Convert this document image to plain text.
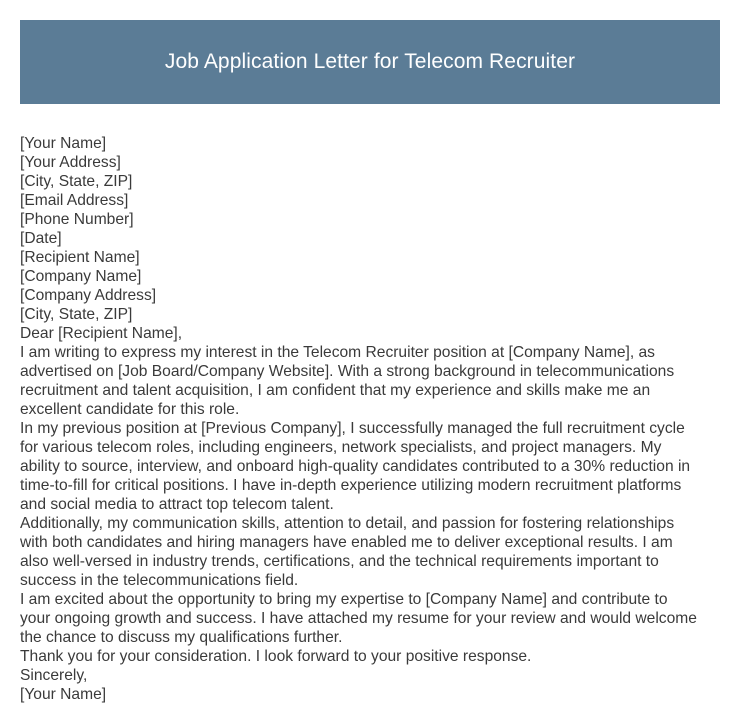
Job Application Letter for Telecom Recruiter
[Your Name]
[Your Address]
[City, State, ZIP]
[Email Address]
[Phone Number]
[Date]
[Recipient Name]
[Company Name]
[Company Address]
[City, State, ZIP]
Dear [Recipient Name],
I am writing to express my interest in the Telecom Recruiter position at [Company Name], as
advertised on [Job Board/Company Website]. With a strong background in telecommunications
recruitment and talent acquisition, I am confident that my experience and skills make me an
excellent candidate for this role.
In my previous position at [Previous Company], I successfully managed the full recruitment cycle
for various telecom roles, including engineers, network specialists, and project managers. My
ability to source, interview, and onboard high-quality candidates contributed to a 30% reduction in
time-to-fill for critical positions. I have in-depth experience utilizing modern recruitment platforms
and social media to attract top telecom talent.
Additionally, my communication skills, attention to detail, and passion for fostering relationships
with both candidates and hiring managers have enabled me to deliver exceptional results. I am
also well-versed in industry trends, certifications, and the technical requirements important to
success in the telecommunications field.
I am excited about the opportunity to bring my expertise to [Company Name] and contribute to
your ongoing growth and success. I have attached my resume for your review and would welcome
the chance to discuss my qualifications further.
Thank you for your consideration. I look forward to your positive response.
Sincerely,
[Your Name]
